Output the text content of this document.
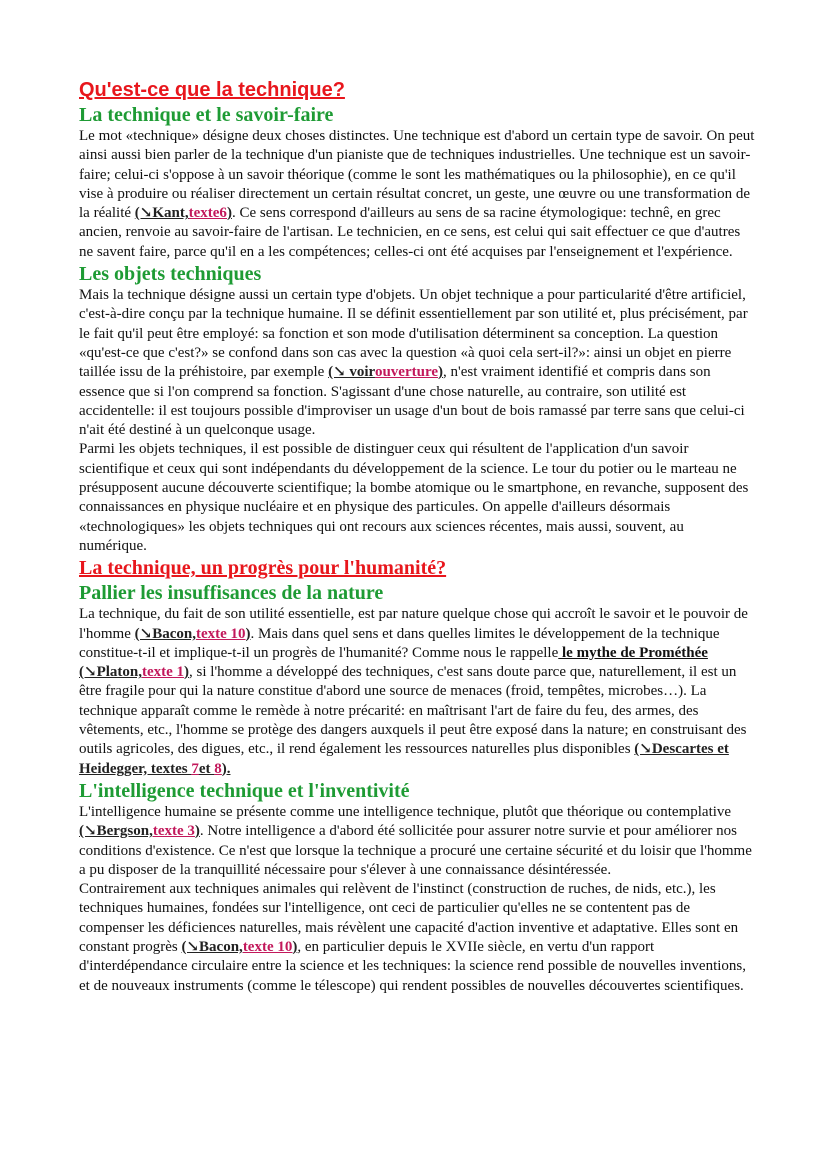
Qu'est-ce que la technique?
La technique et le savoir-faire

Le mot «technique» désigne deux choses distinctes. Une technique est d'abord un certain type de savoir. On peut ainsi aussi bien parler de la technique d'un pianiste que de techniques industrielles. Une technique est un savoir-faire; celui-ci s'oppose à un savoir théorique (comme le sont les mathématiques ou la philosophie), en ce qu'il vise à produire ou réaliser directement un certain résultat concret, un geste, une œuvre ou une transformation de la réalité (↘Kant,texte6). Ce sens correspond d'ailleurs au sens de sa racine étymologique: technê, en grec ancien, renvoie au savoir-faire de l'artisan. Le technicien, en ce sens, est celui qui sait effectuer ce que d'autres ne savent faire, parce qu'il en a les compétences; celles-ci ont été acquises par l'enseignement et l'expérience.

Les objets techniques

Mais la technique désigne aussi un certain type d'objets. Un objet technique a pour particularité d'être artificiel, c'est-à-dire conçu par la technique humaine. Il se définit essentiellement par son utilité et, plus précisément, par le fait qu'il peut être employé: sa fonction et son mode d'utilisation déterminent sa conception. La question «qu'est-ce que c'est?» se confond dans son cas avec la question «à quoi cela sert-il?»: ainsi un objet en pierre taillée issu de la préhistoire, par exemple (↘ voirouverture), n'est vraiment identifié et compris dans son essence que si l'on comprend sa fonction. S'agissant d'une chose naturelle, au contraire, son utilité est accidentelle: il est toujours possible d'improviser un usage d'un bout de bois ramassé par terre sans que celui-ci n'ait été destiné à un quelconque usage.

Parmi les objets techniques, il est possible de distinguer ceux qui résultent de l'application d'un savoir scientifique et ceux qui sont indépendants du développement de la science. Le tour du potier ou le marteau ne présupposent aucune découverte scientifique; la bombe atomique ou le smartphone, en revanche, supposent des connaissances en physique nucléaire et en physique des particules. On appelle d'ailleurs désormais «technologiques» les objets techniques qui ont recours aux sciences récentes, mais aussi, souvent, au numérique.

La technique, un progrès pour l'humanité?
Pallier les insuffisances de la nature

La technique, du fait de son utilité essentielle, est par nature quelque chose qui accroît le savoir et le pouvoir de l'homme (↘Bacon,texte 10). Mais dans quel sens et dans quelles limites le développement de la technique constitue-t-il et implique-t-il un progrès de l'humanité? Comme nous le rappelle le mythe de Prométhée (↘Platon,texte 1), si l'homme a développé des techniques, c'est sans doute parce que, naturellement, il est un être fragile pour qui la nature constitue d'abord une source de menaces (froid, tempêtes, microbes…). La technique apparaît comme le remède à notre précarité: en maîtrisant l'art de faire du feu, des armes, des vêtements, etc., l'homme se protège des dangers auxquels il peut être exposé dans la nature; en construisant des outils agricoles, des digues, etc., il rend également les ressources naturelles plus disponibles (↘Descartes et Heidegger, textes 7et 8).

L'intelligence technique et l'inventivité

L'intelligence humaine se présente comme une intelligence technique, plutôt que théorique ou contemplative (↘Bergson,texte 3). Notre intelligence a d'abord été sollicitée pour assurer notre survie et pour améliorer nos conditions d'existence. Ce n'est que lorsque la technique a procuré une certaine sécurité et du loisir que l'homme a pu disposer de la tranquillité nécessaire pour s'élever à une connaissance désintéressée.

Contrairement aux techniques animales qui relèvent de l'instinct (construction de ruches, de nids, etc.), les techniques humaines, fondées sur l'intelligence, ont ceci de particulier qu'elles ne se contentent pas de compenser les déficiences naturelles, mais révèlent une capacité d'action inventive et adaptative. Elles sont en constant progrès (↘Bacon,texte 10), en particulier depuis le XVIIe siècle, en vertu d'un rapport d'interdépendance circulaire entre la science et les techniques: la science rend possible de nouvelles inventions, et de nouveaux instruments (comme le télescope) qui rendent possibles de nouvelles découvertes scientifiques.
